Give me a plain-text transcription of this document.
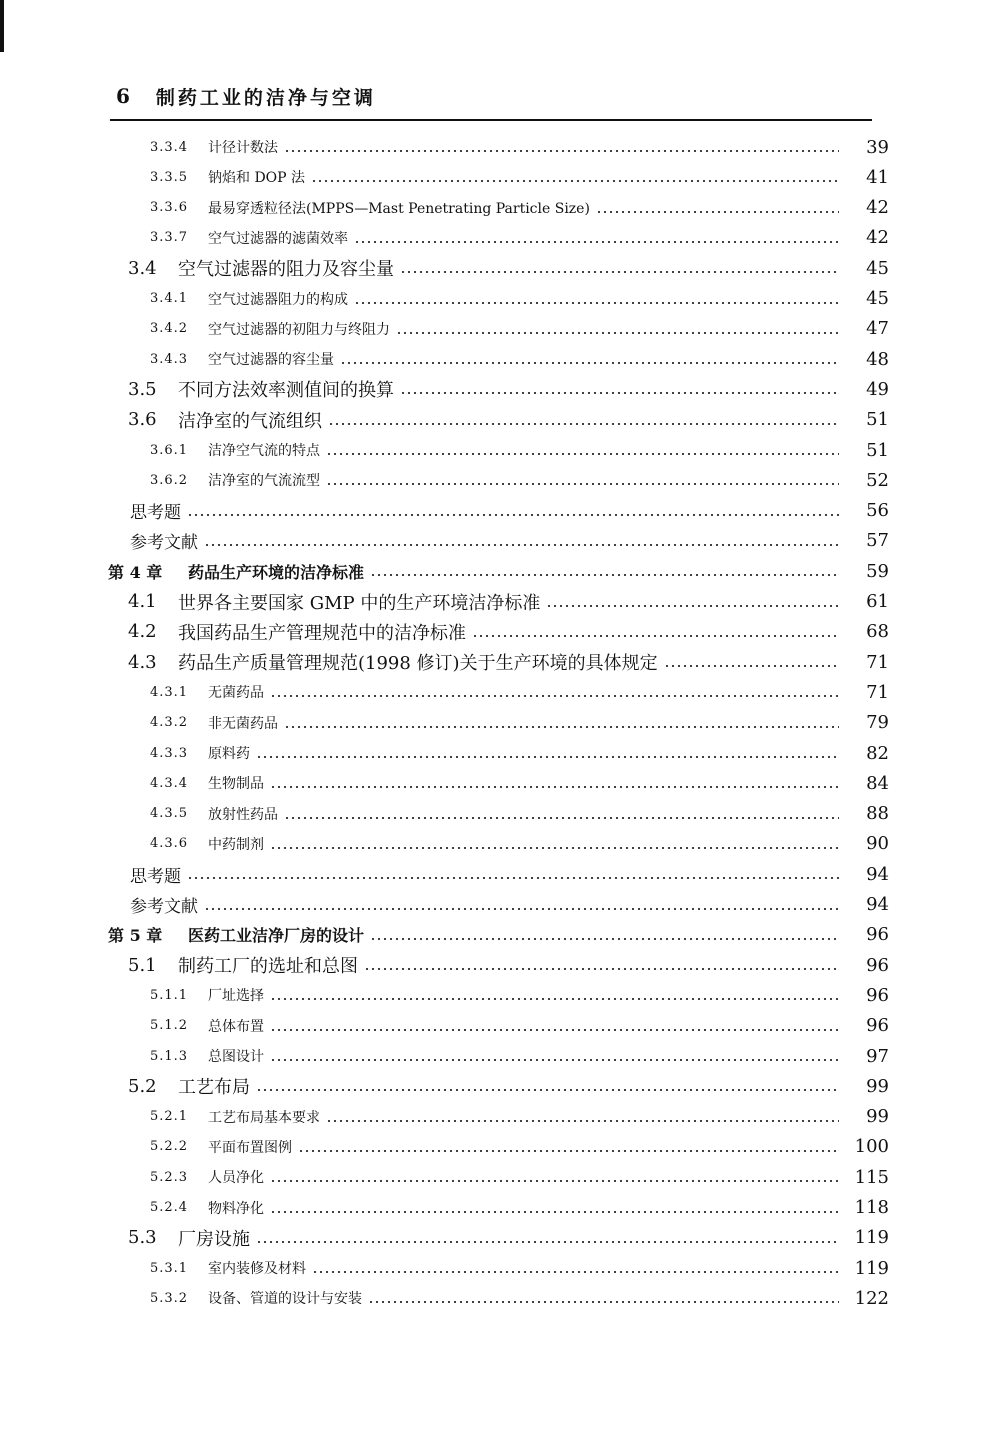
6 制药工业的洁净与空调
3.3.4	计径计数法	39
3.3.5	钠焰和 DOP 法	41
3.3.6	最易穿透粒径法(MPPS—Mast Penetrating Particle Size)	42
3.3.7	空气过滤器的滤菌效率	42
3.4	空气过滤器的阻力及容尘量	45
3.4.1	空气过滤器阻力的构成	45
3.4.2	空气过滤器的初阻力与终阻力	47
3.4.3	空气过滤器的容尘量	48
3.5	不同方法效率测值间的换算	49
3.6	洁净室的气流组织	51
3.6.1	洁净空气流的特点	51
3.6.2	洁净室的气流流型	52
思考题	56
参考文献	57
第 4 章	药品生产环境的洁净标准	59
4.1	世界各主要国家 GMP 中的生产环境洁净标准	61
4.2	我国药品生产管理规范中的洁净标准	68
4.3	药品生产质量管理规范(1998 修订)关于生产环境的具体规定	71
4.3.1	无菌药品	71
4.3.2	非无菌药品	79
4.3.3	原料药	82
4.3.4	生物制品	84
4.3.5	放射性药品	88
4.3.6	中药制剂	90
思考题	94
参考文献	94
第 5 章	医药工业洁净厂房的设计	96
5.1	制药工厂的选址和总图	96
5.1.1	厂址选择	96
5.1.2	总体布置	96
5.1.3	总图设计	97
5.2	工艺布局	99
5.2.1	工艺布局基本要求	99
5.2.2	平面布置图例	100
5.2.3	人员净化	115
5.2.4	物料净化	118
5.3	厂房设施	119
5.3.1	室内装修及材料	119
5.3.2	设备、管道的设计与安装	122
